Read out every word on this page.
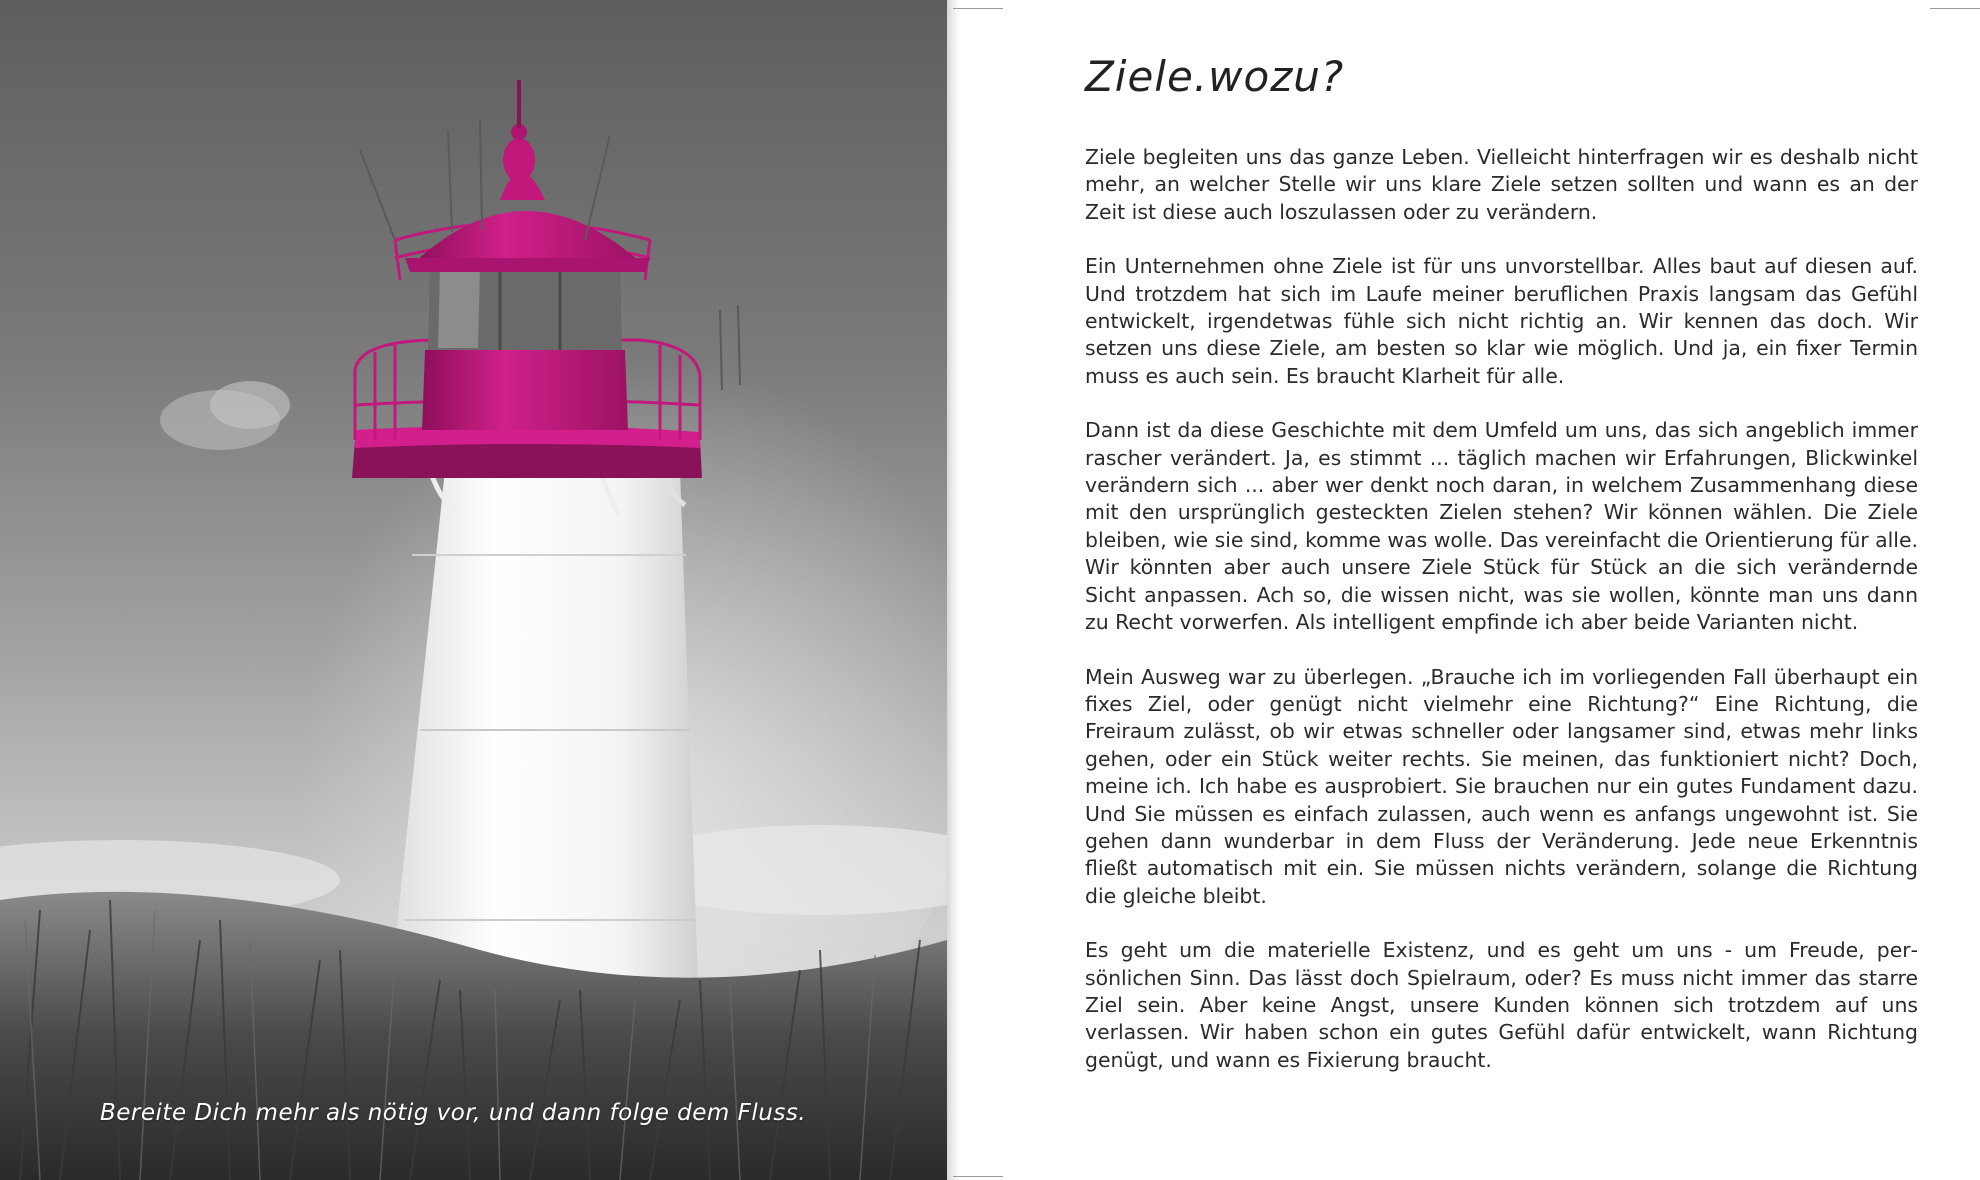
Bereite Dich mehr als nötig vor, und dann folge dem Fluss.
Ziele.wozu?

Ziele begleiten uns das ganze Leben. Vielleicht hinterfragen wir es deshalb nicht mehr, an welcher Stelle wir uns klare Ziele setzen sollten und wann es an der Zeit ist diese auch loszulassen oder zu verändern.

Ein Unternehmen ohne Ziele ist für uns unvorstellbar. Alles baut auf diesen auf. Und trotzdem hat sich im Laufe meiner beruflichen Praxis langsam das Gefühl entwickelt, irgendetwas fühle sich nicht richtig an. Wir kennen das doch. Wir setzen uns diese Ziele, am besten so klar wie möglich. Und ja, ein fixer Termin muss es auch sein. Es braucht Klarheit für alle.

Dann ist da diese Geschichte mit dem Umfeld um uns, das sich angeblich immer rascher verändert. Ja, es stimmt ... täglich machen wir Erfahrungen, Blickwinkel verändern sich ... aber wer denkt noch daran, in welchem Zusammenhang diese mit den ursprünglich gesteckten Zielen stehen? Wir können wählen. Die Ziele bleiben, wie sie sind, komme was wolle. Das vereinfacht die Orientierung für alle. Wir könnten aber auch unsere Ziele Stück für Stück an die sich verändernde Sicht anpassen. Ach so, die wissen nicht, was sie wollen, könnte man uns dann zu Recht vorwerfen. Als intelligent empfinde ich aber beide Varianten nicht.

Mein Ausweg war zu überlegen. „Brauche ich im vorliegenden Fall überhaupt ein fixes Ziel, oder genügt nicht vielmehr eine Richtung?“ Eine Richtung, die Freiraum zulässt, ob wir etwas schneller oder langsamer sind, etwas mehr links gehen, oder ein Stück weiter rechts. Sie meinen, das funktioniert nicht? Doch, meine ich. Ich habe es ausprobiert. Sie brauchen nur ein gutes Fundament dazu. Und Sie müssen es einfach zulassen, auch wenn es anfangs ungewohnt ist. Sie gehen dann wunderbar in dem Fluss der Veränderung. Jede neue Erkenntnis fließt automatisch mit ein. Sie müssen nichts verändern, solange die Richtung die gleiche bleibt.

Es geht um die materielle Existenz, und es geht um uns - um Freude, persönlichen Sinn. Das lässt doch Spielraum, oder? Es muss nicht immer das starre Ziel sein. Aber keine Angst, unsere Kunden können sich trotzdem auf uns verlassen. Wir haben schon ein gutes Gefühl dafür entwickelt, wann Richtung genügt, und wann es Fixierung braucht.
